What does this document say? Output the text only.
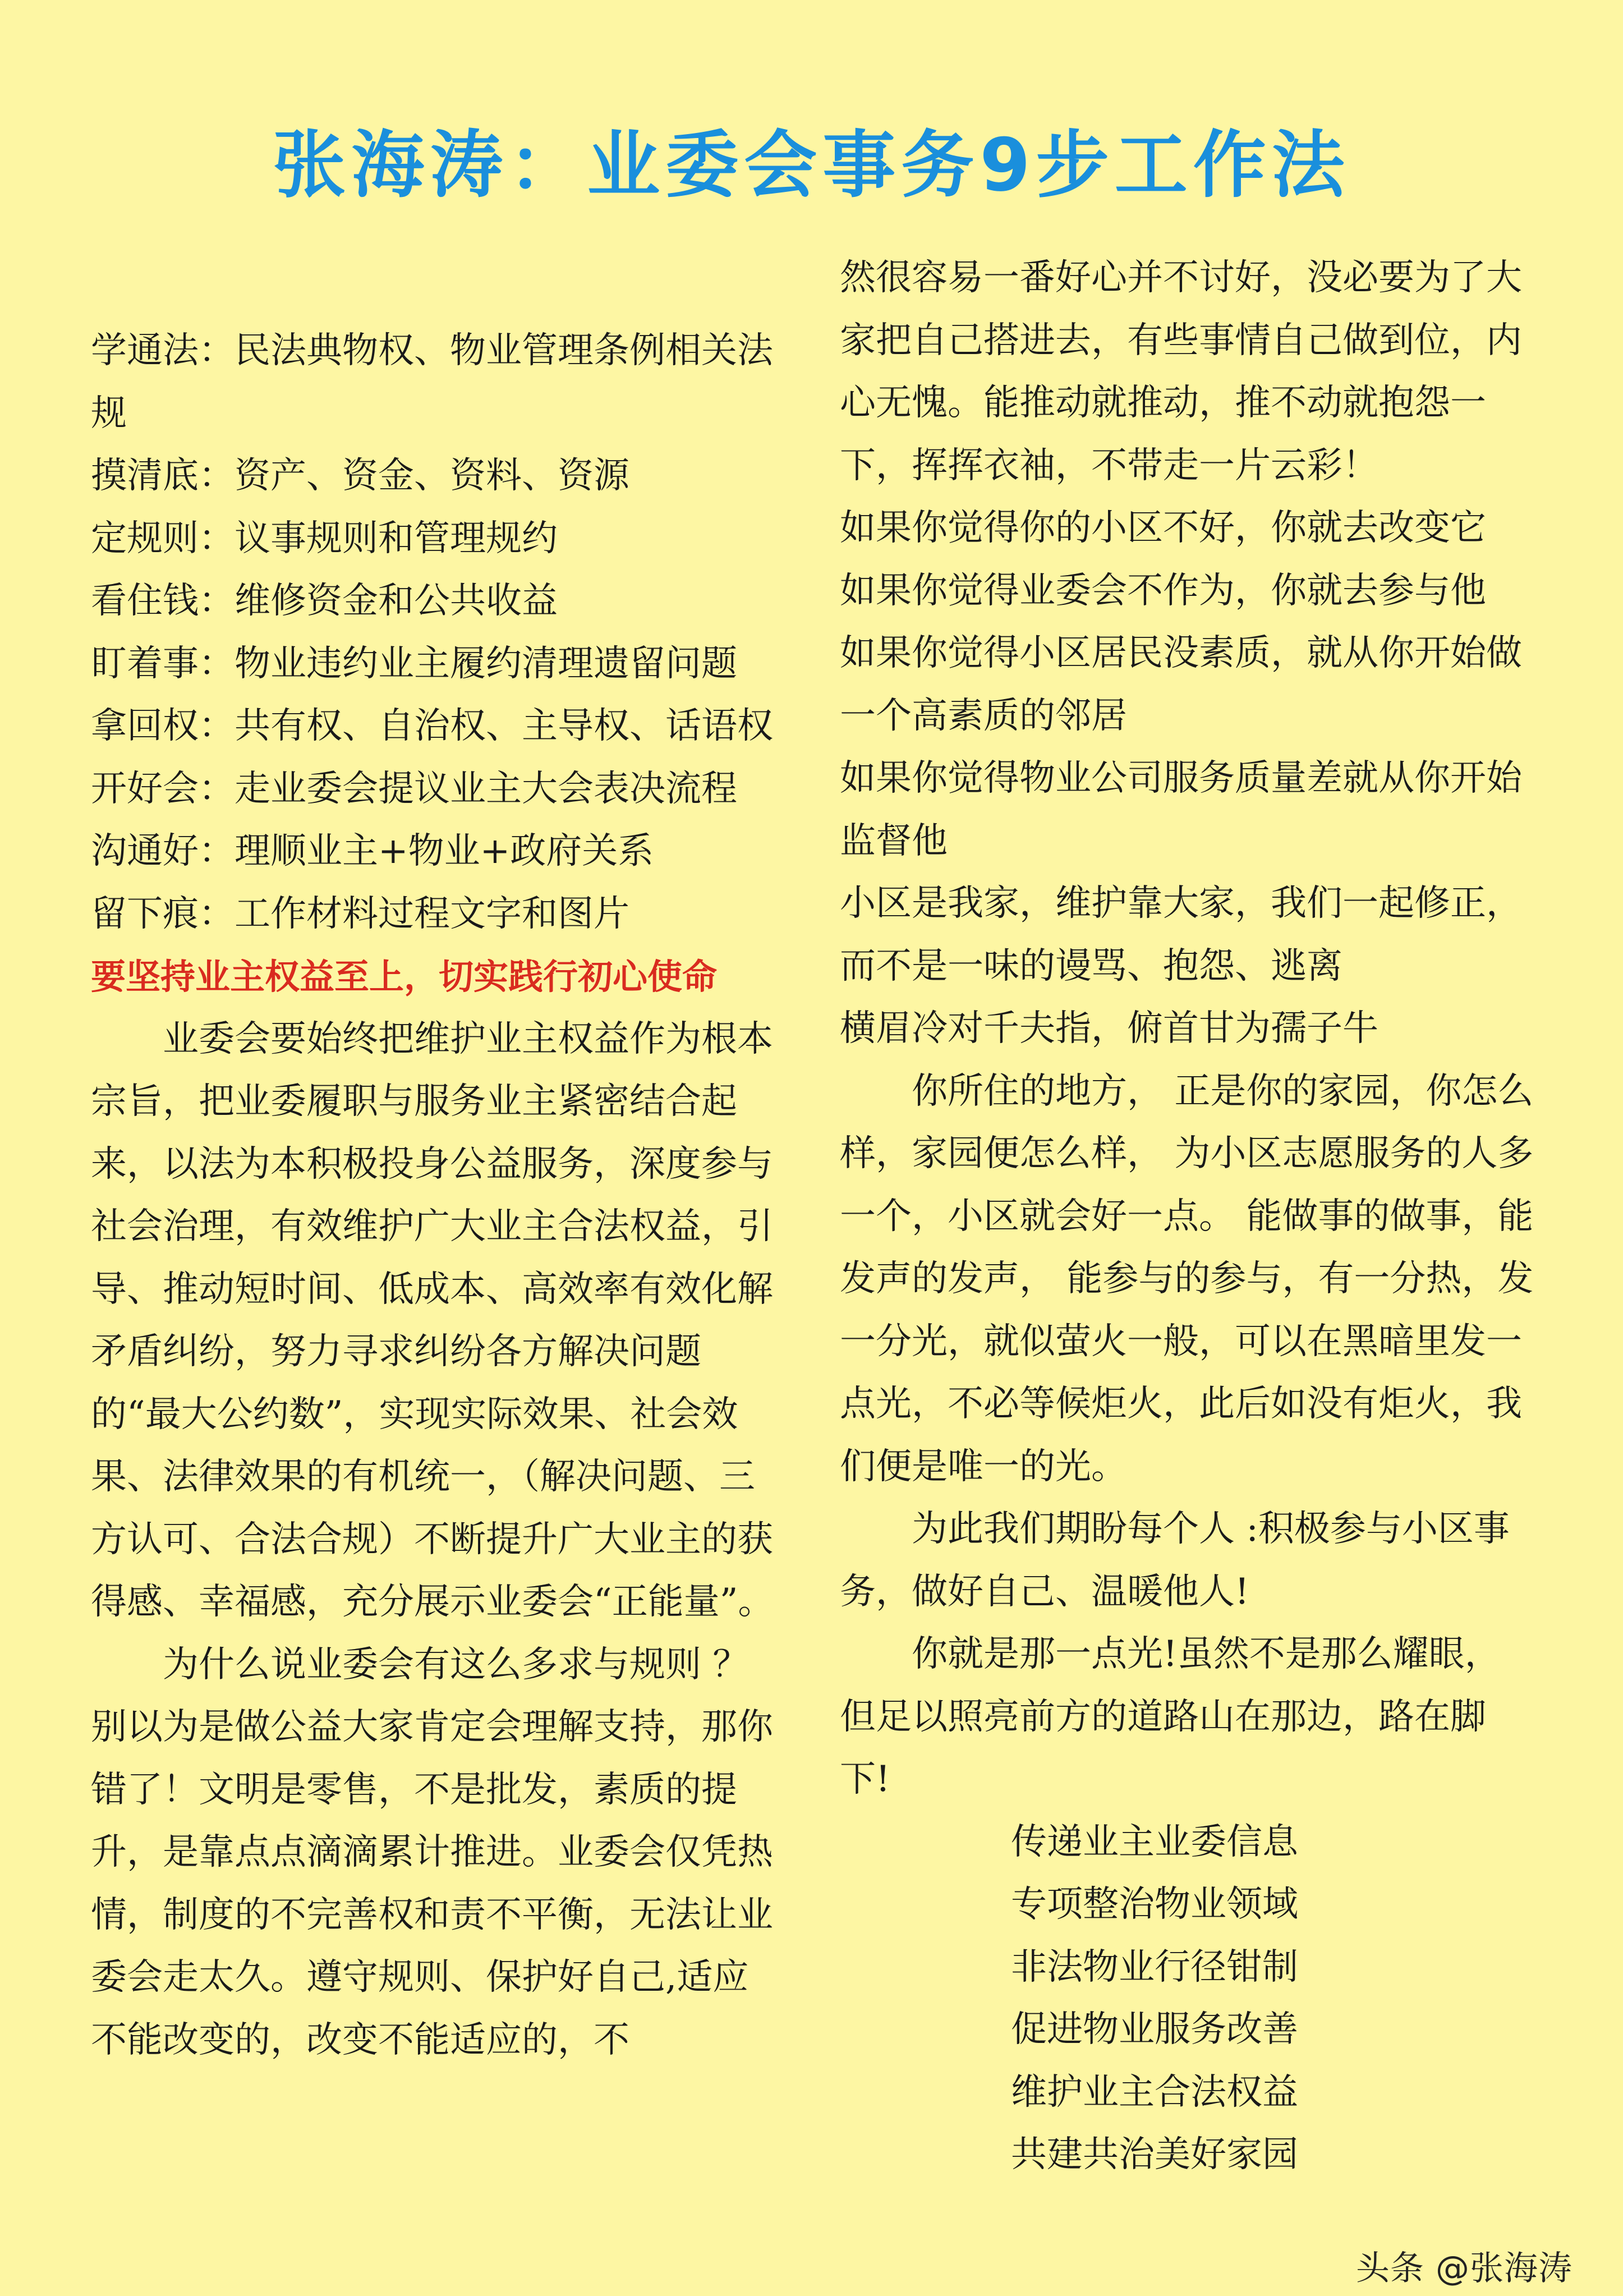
张海涛：业委会事务9步工作法

学通法：民法典物权、物业管理条例相关法规

摸清底：资产、资金、资料、资源

定规则：议事规则和管理规约

看住钱：维修资金和公共收益

盯着事：物业违约业主履约清理遗留问题

拿回权：共有权、自治权、主导权、话语权

开好会：走业委会提议业主大会表决流程

沟通好：理顺业主+物业+政府关系

留下痕：工作材料过程文字和图片

要坚持业主权益至上，切实践行初心使命

业委会要始终把维护业主权益作为根本宗旨，把业委履职与服务业主紧密结合起来，以法为本积极投身公益服务，深度参与社会治理，有效维护广大业主合法权益，引导、推动短时间、低成本、高效率有效化解矛盾纠纷，努力寻求纠纷各方解决问题的“最大公约数”，实现实际效果、社会效果、法律效果的有机统一，（解决问题、三方认可、合法合规）不断提升广大业主的获得感、幸福感，充分展示业委会“正能量”。

为什么说业委会有这么多求与规则 ？别以为是做公益大家肯定会理解支持，那你错了！文明是零售，不是批发，素质的提升，是靠点点滴滴累计推进。业委会仅凭热情，制度的不完善权和责不平衡，无法让业委会走太久。遵守规则、保护好自己,适应不能改变的，改变不能适应的，不

然很容易一番好心并不讨好，没必要为了大家把自己搭进去，有些事情自己做到位，内心无愧。能推动就推动，推不动就抱怨一下，挥挥衣袖，不带走一片云彩！

如果你觉得你的小区不好，你就去改变它

如果你觉得业委会不作为，你就去参与他

如果你觉得小区居民没素质，就从你开始做一个高素质的邻居

如果你觉得物业公司服务质量差就从你开始监督他

小区是我家，维护靠大家，我们一起修正，而不是一味的谩骂、抱怨、逃离

横眉冷对千夫指，俯首甘为孺子牛

你所住的地方， 正是你的家园，你怎么样，家园便怎么样， 为小区志愿服务的人多一个，小区就会好一点。 能做事的做事，能发声的发声， 能参与的参与，有一分热，发一分光，就似萤火一般，可以在黑暗里发一点光，不必等候炬火，此后如没有炬火，我们便是唯一的光。

为此我们期盼每个人 :积极参与小区事务，做好自己、温暖他人!

你就是那一点光!虽然不是那么耀眼，但足以照亮前方的道路山在那边，路在脚下!

传递业主业委信息

专项整治物业领域

非法物业行径钳制

促进物业服务改善

维护业主合法权益

共建共治美好家园

头条 @张海涛
